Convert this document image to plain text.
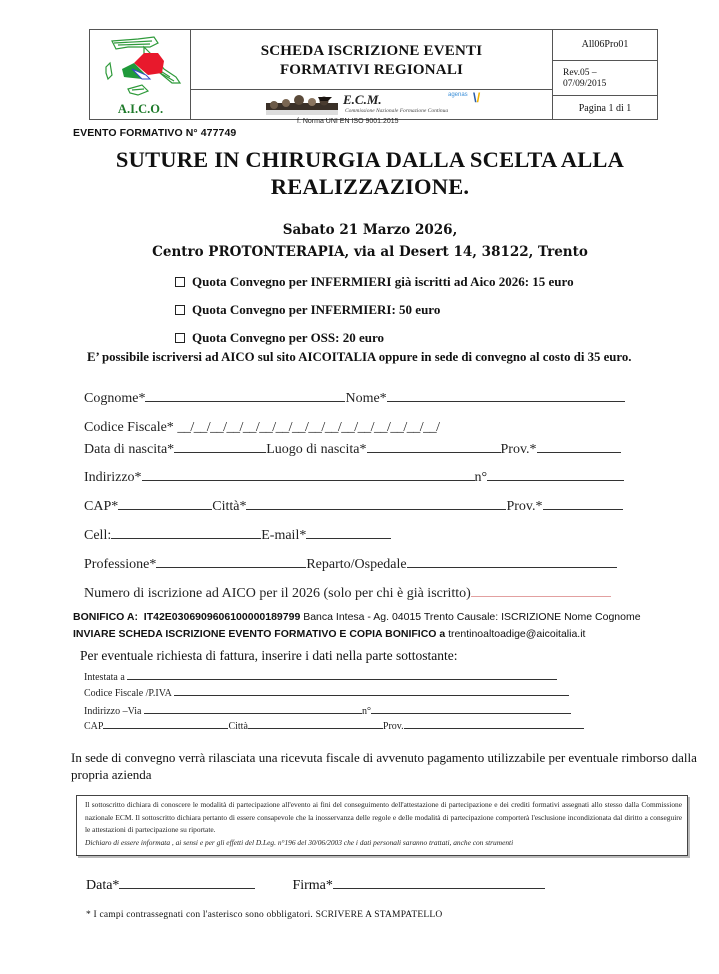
A.I.C.O.
SCHEDA ISCRIZIONE EVENTI
FORMATIVI REGIONALI
E.C.M.
Commissione Nazionale Formazione Continua
agenas \/
f. Norma UNI EN ISO 9001:2015
All06Pro01
Rev.05 –
07/09/2015
Pagina 1 di 1
EVENTO FORMATIVO N° 477749
SUTURE IN CHIRURGIA DALLA SCELTA ALLA
REALIZZAZIONE.
Sabato 21 Marzo 2026,
Centro PROTONTERAPIA, via al Desert 14, 38122, Trento
Quota Convegno per INFERMIERI già iscritti ad Aico 2026: 15 euro
Quota Convegno per INFERMIERI: 50 euro
Quota Convegno per OSS: 20 euro
E’ possibile iscriversi ad AICO sul sito AICOITALIA oppure in sede di convegno al costo di 35 euro.
Cognome*	Nome*
Codice Fiscale* __/__/__/__/__/__/__/__/__/__/__/__/__/__/__/__/
Data di nascita*	Luogo di nascita*	Prov.*
Indirizzo*	n°
CAP*	Città*	Prov.*
Cell:	E-mail*
Professione*	Reparto/Ospedale
Numero di iscrizione ad AICO per il 2026 (solo per chi è già iscritto)
BONIFICO A: IT42E0306909606100000189799 Banca Intesa - Ag. 04015 Trento Causale: ISCRIZIONE Nome Cognome
INVIARE SCHEDA ISCRIZIONE EVENTO FORMATIVO E COPIA BONIFICO a trentinoaltoadige@aicoitalia.it
Per eventuale richiesta di fattura, inserire i dati nella parte sottostante:
Intestata a
Codice Fiscale /P.IVA
Indirizzo –Via	n°
CAP	Città	Prov.
In sede di convegno verrà rilasciata una ricevuta fiscale di avvenuto pagamento utilizzabile per eventuale rimborso dalla propria azienda
Il sottoscritto dichiara di conoscere le modalità di partecipazione all'evento ai fini del conseguimento dell'attestazione di partecipazione e dei crediti formativi assegnati allo stesso dalla Commissione nazionale ECM. Il sottoscritto dichiara pertanto di essere consapevole che la inosservanza delle regole e delle modalità di partecipazione comporterà l'esclusione incondizionata dal diritto a conseguire le attestazioni di partecipazione su riportate.
Dichiaro di essere informata , ai sensi e per gli effetti del D.Leg. n°196 del 30/06/2003 che i dati personali saranno trattati, anche con strumenti
Data*	Firma*
* I campi contrassegnati con l'asterisco sono obbligatori. SCRIVERE A STAMPATELLO
